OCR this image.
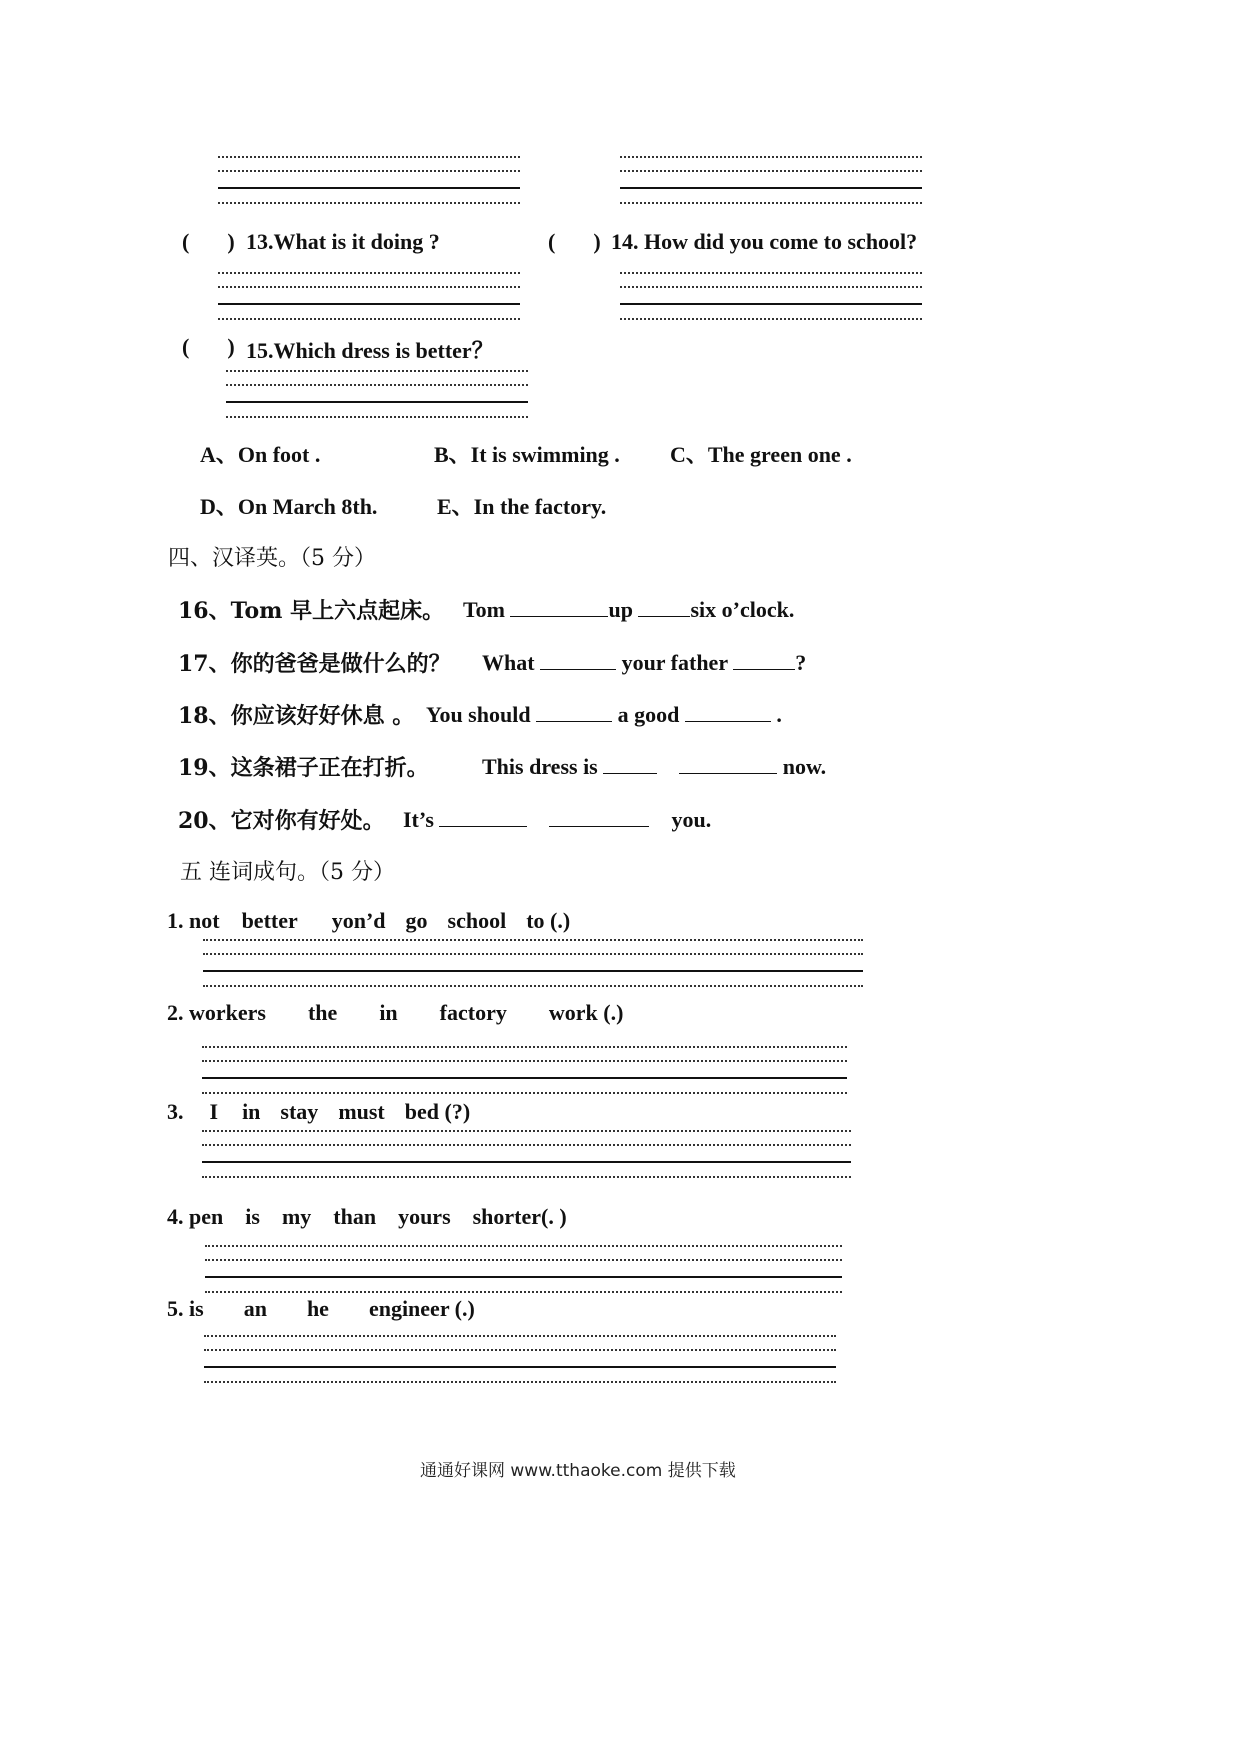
( ) 13.What is it doing ?	( ) 14. How did you come to school?
( ) 15.Which dress is better？
A、On foot .	B、It is swimming . C、The green one .
D、On March 8th.	E、In the factory.
四、汉译英。（5 分）
16、Tom 早上六点起床。 Tom	up	six o’clock.
17、你的爸爸是做什么的？ What	your father	?
18、你应该好好休息 。 You should	a good	.
19、这条裙子正在打折。 This dress is	now.
20、它对你有好处。 It’s	you.
五 连词成句。（5 分）
1. not better yon’d go school to (.)
2. workers the in factory work (.)
3. I in stay must bed (?)
4. pen is my than yours shorter(. )
5. is an he engineer (.)
通通好课网 www.tthaoke.com 提供下载
